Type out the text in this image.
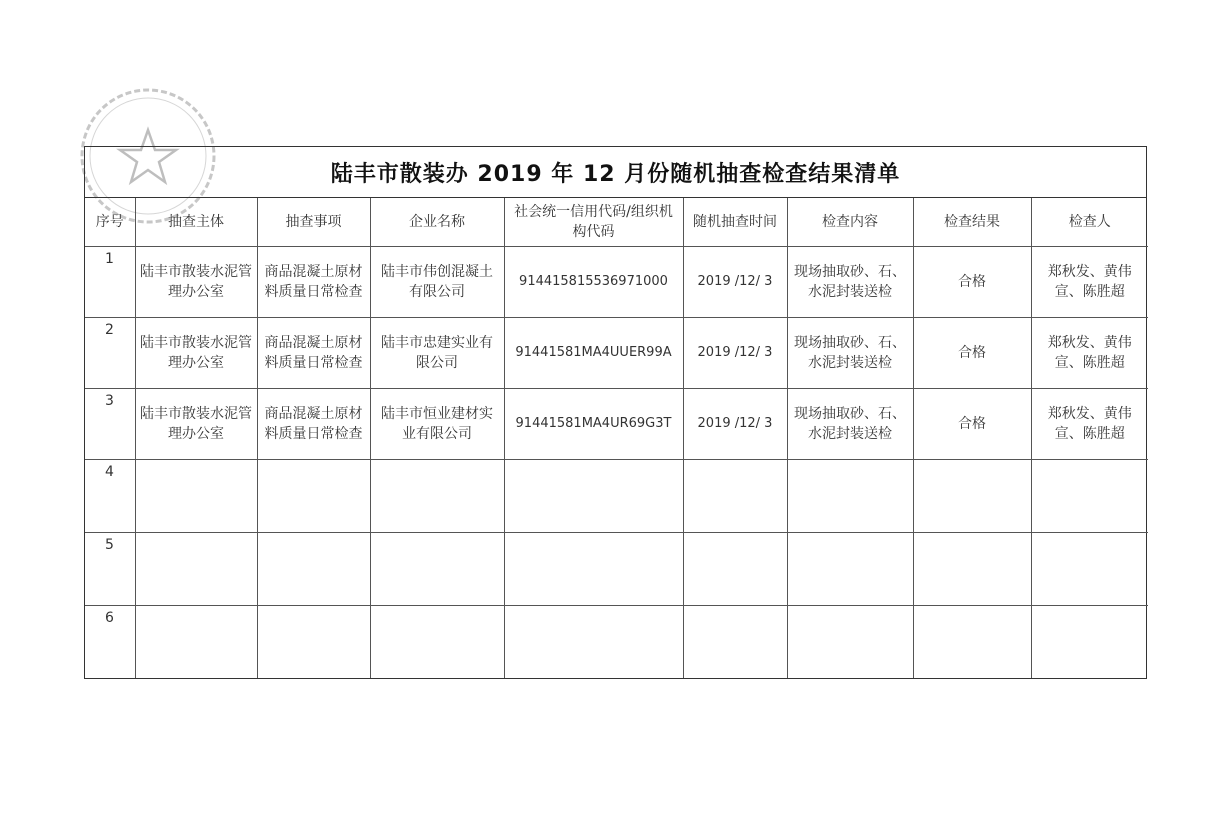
陆丰市散装办 2019 年 12 月份随机抽查检查结果清单
序号	抽查主体	抽查事项	企业名称	社会统一信用代码/组织机构代码	随机抽查时间	检查内容	检查结果	检查人
1	陆丰市散装水泥管理办公室	商品混凝土原材料质量日常检查	陆丰市伟创混凝土有限公司	914415815536971000	2019 /12/ 3	现场抽取砂、石、水泥封装送检	合格	郑秋发、黄伟宣、陈胜超
2	陆丰市散装水泥管理办公室	商品混凝土原材料质量日常检查	陆丰市忠建实业有限公司	91441581MA4UUER99A	2019 /12/ 3	现场抽取砂、石、水泥封装送检	合格	郑秋发、黄伟宣、陈胜超
3	陆丰市散装水泥管理办公室	商品混凝土原材料质量日常检查	陆丰市恒业建材实业有限公司	91441581MA4UR69G3T	2019 /12/ 3	现场抽取砂、石、水泥封装送检	合格	郑秋发、黄伟宣、陈胜超
4								
5								
6								
